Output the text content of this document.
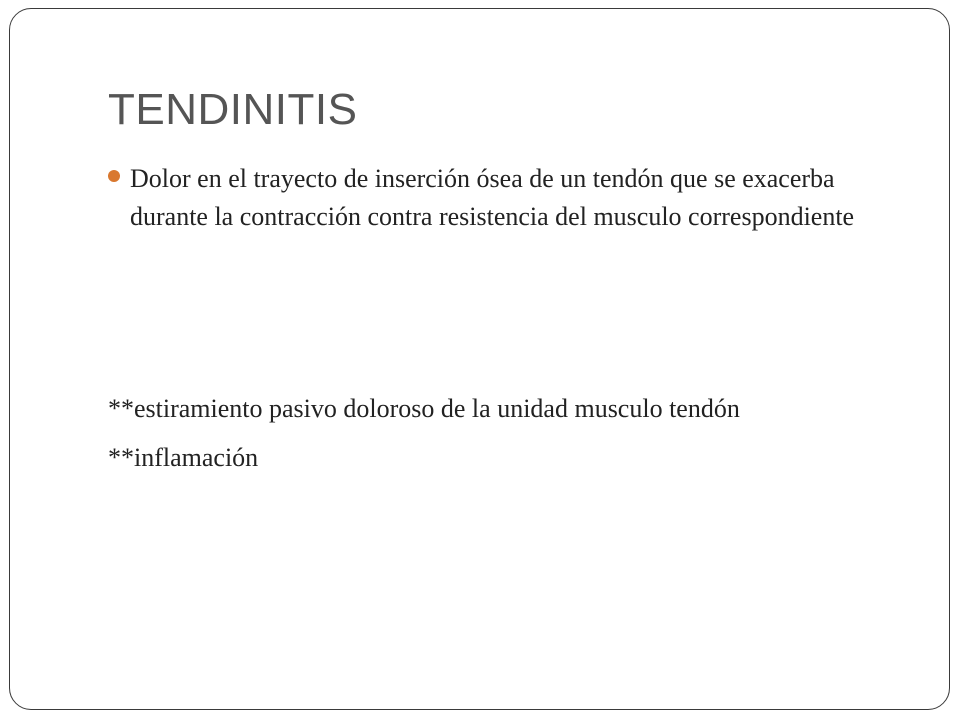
TENDINITIS

Dolor en el trayecto de inserción ósea de un tendón que se exacerba durante la contracción contra resistencia del musculo correspondiente

**estiramiento pasivo doloroso de la unidad musculo tendón

**inflamación
